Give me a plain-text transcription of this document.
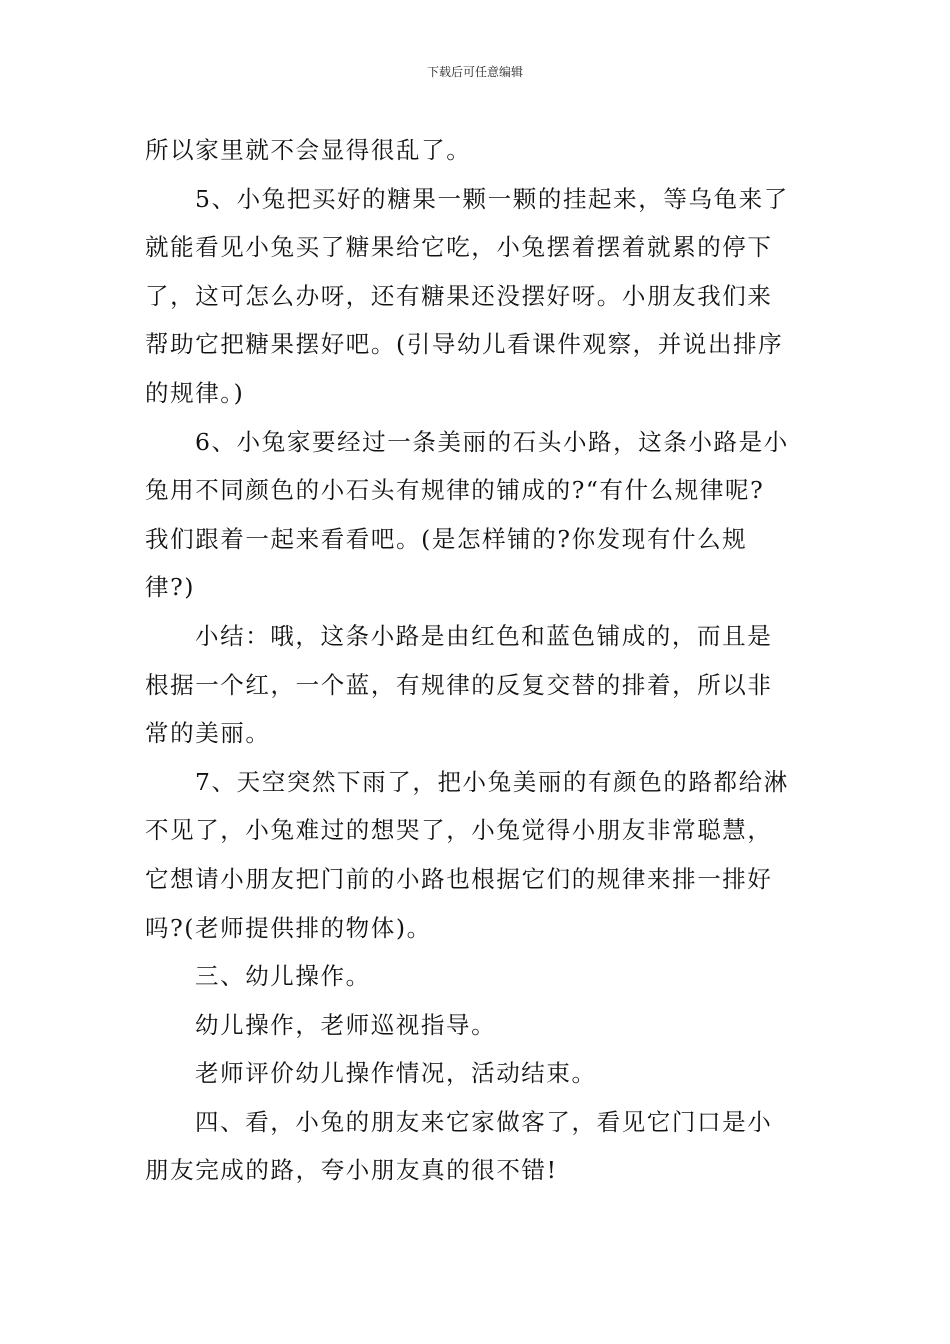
下载后可任意编辑
所以家里就不会显得很乱了。
5、小兔把买好的糖果一颗一颗的挂起来，等乌龟来了
就能看见小兔买了糖果给它吃，小兔摆着摆着就累的停下
了，这可怎么办呀，还有糖果还没摆好呀。小朋友我们来
帮助它把糖果摆好吧。(引导幼儿看课件观察，并说出排序
的规律。)
6、小兔家要经过一条美丽的石头小路，这条小路是小
兔用不同颜色的小石头有规律的铺成的?“有什么规律呢?
我们跟着一起来看看吧。(是怎样铺的?你发现有什么规
律?)
小结：哦，这条小路是由红色和蓝色铺成的，而且是
根据一个红，一个蓝，有规律的反复交替的排着，所以非
常的美丽。
7、天空突然下雨了，把小兔美丽的有颜色的路都给淋
不见了，小兔难过的想哭了，小兔觉得小朋友非常聪慧，
它想请小朋友把门前的小路也根据它们的规律来排一排好
吗?(老师提供排的物体)。
三、幼儿操作。
幼儿操作，老师巡视指导。
老师评价幼儿操作情况，活动结束。
四、看，小兔的朋友来它家做客了，看见它门口是小
朋友完成的路，夸小朋友真的很不错!
